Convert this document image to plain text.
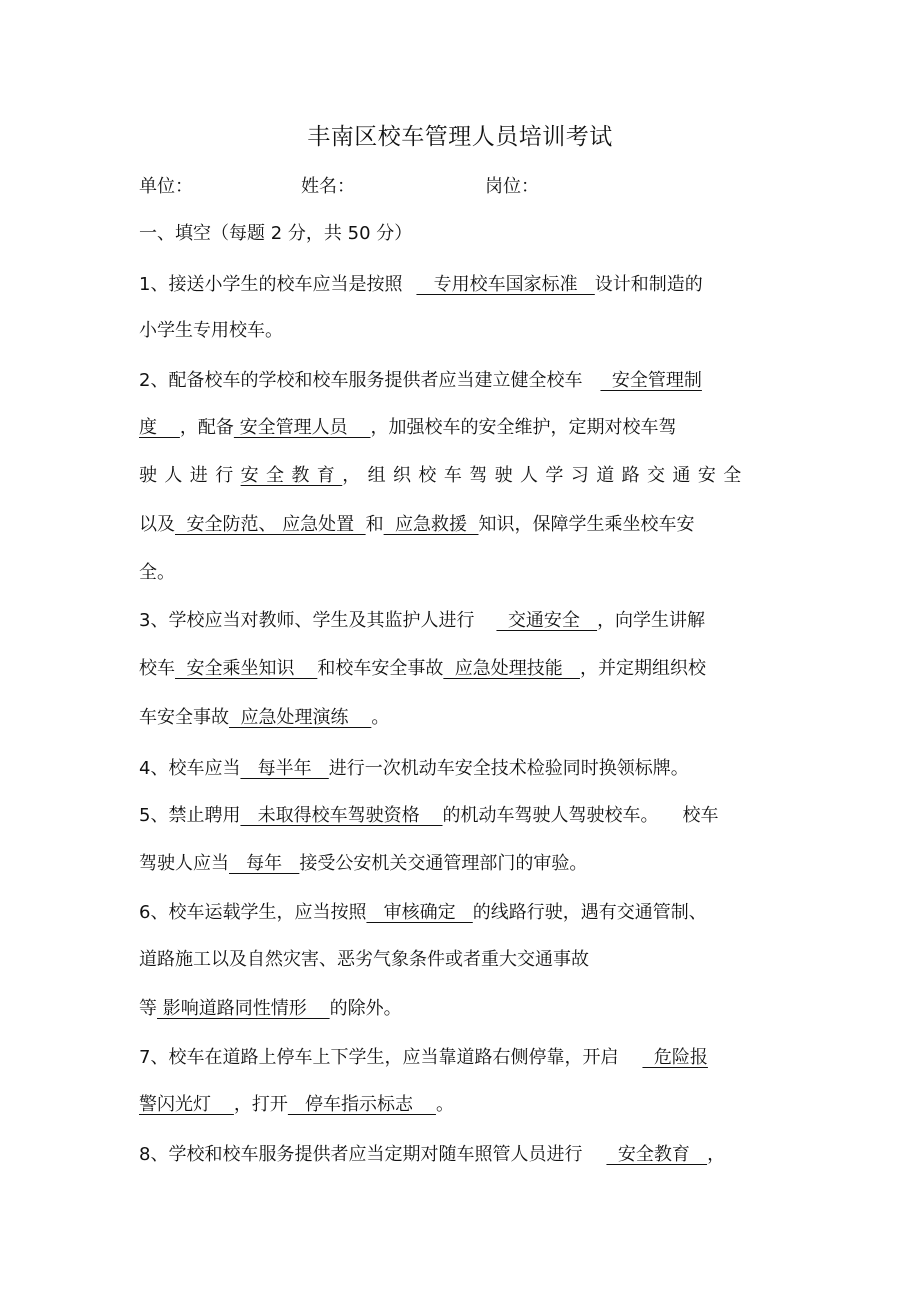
丰南区校车管理人员培训考试
单位：	姓名：	岗位：
一、填空（每题 2 分，共 50 分）
1、接送小学生的校车应当是按照   专用校车国家标准   设计和制造的
小学生专用校车。
2、配备校车的学校和校车服务提供者应当建立健全校车  安全管理制
度    ，配备 安全管理人员    ，加强校车的安全维护，定期对校车驾
驶人进行安全教育，组织校车驾驶人学习道路交通安全
以及  安全防范、 应急处置  和  应急救援  知识，保障学生乘坐校车安
全。
3、学校应当对教师、学生及其监护人进行  交通安全   ，向学生讲解
校车  安全乘坐知识    和校车安全事故  应急处理技能   ，并定期组织校
车安全事故  应急处理演练    。
4、校车应当   每半年   进行一次机动车安全技术检验同时换领标牌。
5、禁止聘用   未取得校车驾驶资格    的机动车驾驶人驾驶校车。 校车
驾驶人应当   每年   接受公安机关交通管理部门的审验。
6、校车运载学生，应当按照   审核确定   的线路行驶，遇有交通管制、
道路施工以及自然灾害、恶劣气象条件或者重大交通事故
等 影响道路同性情形    的除外。
7、校车在道路上停车上下学生，应当靠道路右侧停靠，开启  危险报
警闪光灯    ，打开   停车指示标志    。
8、学校和校车服务提供者应当定期对随车照管人员进行  安全教育   ，
